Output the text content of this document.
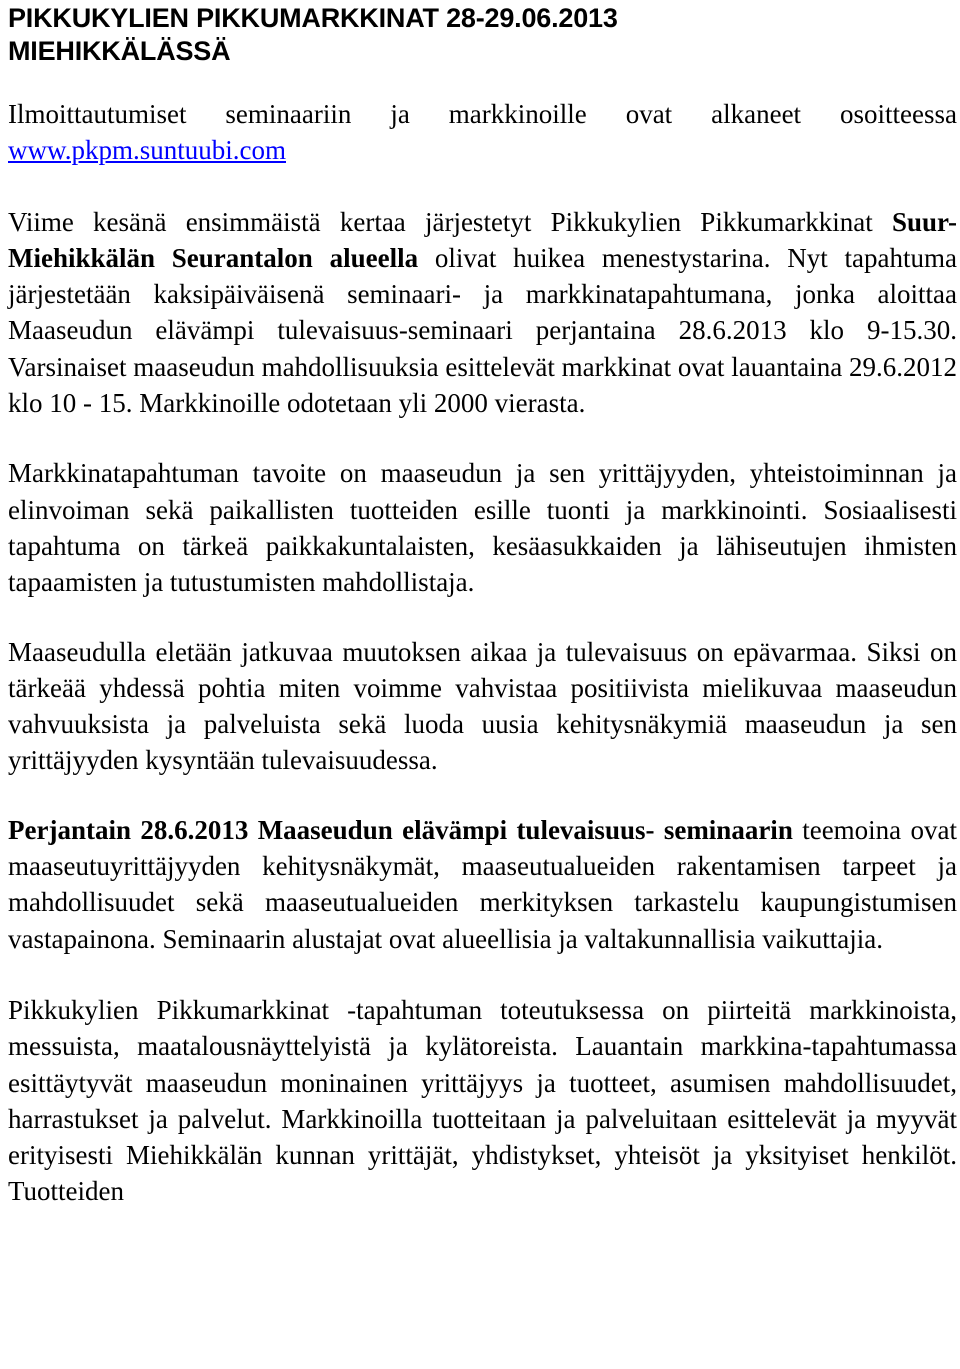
PIKKUKYLIEN PIKKUMARKKINAT 28-29.06.2013
MIEHIKKÄLÄSSÄ

Ilmoittautumiset seminaariin ja markkinoille ovat alkaneet osoitteessa www.pkpm.suntuubi.com

Viime kesänä ensimmäistä kertaa järjestetyt Pikkukylien Pikkumarkkinat Suur-Miehikkälän Seurantalon alueella olivat huikea menestystarina. Nyt tapahtuma järjestetään kaksipäiväisenä seminaari- ja markkinatapahtumana, jonka aloittaa Maaseudun elävämpi tulevaisuus-seminaari perjantaina 28.6.2013 klo 9-15.30. Varsinaiset maaseudun mahdollisuuksia esittelevät markkinat ovat lauantaina 29.6.2012 klo 10 - 15. Markkinoille odotetaan yli 2000 vierasta.

Markkinatapahtuman tavoite on maaseudun ja sen yrittäjyyden, yhteistoiminnan ja elinvoiman sekä paikallisten tuotteiden esille tuonti ja markkinointi. Sosiaalisesti tapahtuma on tärkeä paikkakuntalaisten, kesäasukkaiden ja lähiseutujen ihmisten tapaamisten ja tutustumisten mahdollistaja.

Maaseudulla eletään jatkuvaa muutoksen aikaa ja tulevaisuus on epävarmaa. Siksi on tärkeää yhdessä pohtia miten voimme vahvistaa positiivista mielikuvaa maaseudun vahvuuksista ja palveluista sekä luoda uusia kehitysnäkymiä maaseudun ja sen yrittäjyyden kysyntään tulevaisuudessa.

Perjantain 28.6.2013 Maaseudun elävämpi tulevaisuus- seminaarin teemoina ovat maaseutuyrittäjyyden kehitysnäkymät, maaseutualueiden rakentamisen tarpeet ja mahdollisuudet sekä maaseutualueiden merkityksen tarkastelu kaupungistumisen vastapainona. Seminaarin alustajat ovat alueellisia ja valtakunnallisia vaikuttajia.

Pikkukylien Pikkumarkkinat -tapahtuman toteutuksessa on piirteitä markkinoista, messuista, maatalousnäyttelyistä ja kylätoreista. Lauantain markkina-tapahtumassa esittäytyvät maaseudun moninainen yrittäjyys ja tuotteet, asumisen mahdollisuudet, harrastukset ja palvelut. Markkinoilla tuotteitaan ja palveluitaan esittelevät ja myyvät erityisesti Miehikkälän kunnan yrittäjät, yhdistykset, yhteisöt ja yksityiset henkilöt. Tuotteiden
